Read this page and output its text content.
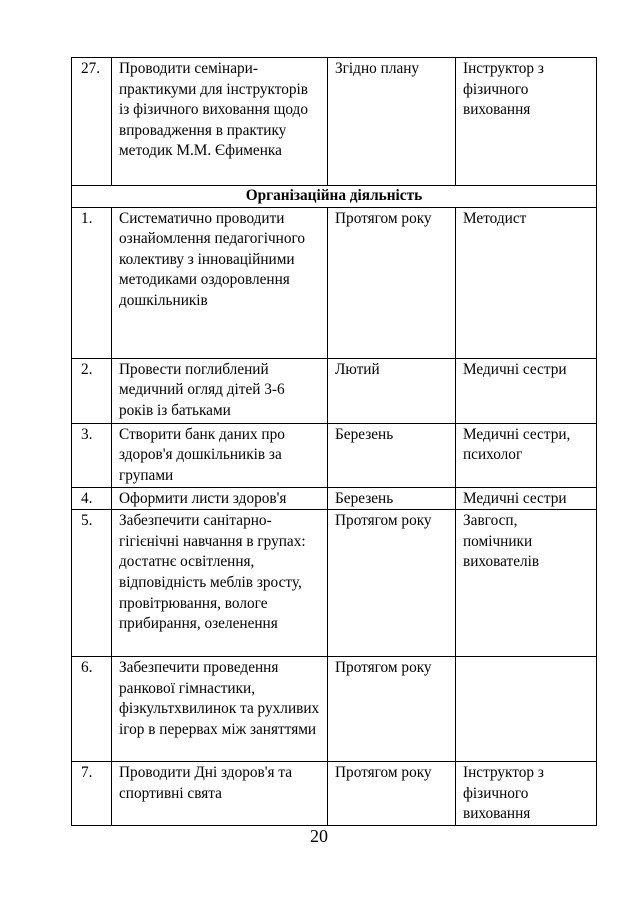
27.	Проводити семінари-практикуми для інструкторів із фізичного виховання щодо впровадження в практику методик М.М. Єфименка	Згідно плану	Інструктор з фізичного виховання
Організаційна діяльність			
1.	Систематично проводити ознайомлення педагогічного колективу з інноваційними методиками оздоровлення дошкільників	Протягом року	Методист
2.	Провести поглиблений медичний огляд дітей 3-6 років із батьками	Лютий	Медичні сестри
3.	Створити банк даних про здоров'я дошкільників за групами	Березень	Медичні сестри, психолог
4.	Оформити листи здоров'я	Березень	Медичні сестри
5.	Забезпечити санітарно-гігієнічні навчання в групах: достатнє освітлення, відповідність меблів зросту, провітрювання, вологе прибирання, озеленення	Протягом року	Завгосп, помічники вихователів
6.	Забезпечити проведення ранкової гімнастики, фізкультхвилинок та рухливих ігор в перервах між заняттями	Протягом року	
7.	Проводити Дні здоров'я та спортивні свята	Протягом року	Інструктор з фізичного виховання
20
